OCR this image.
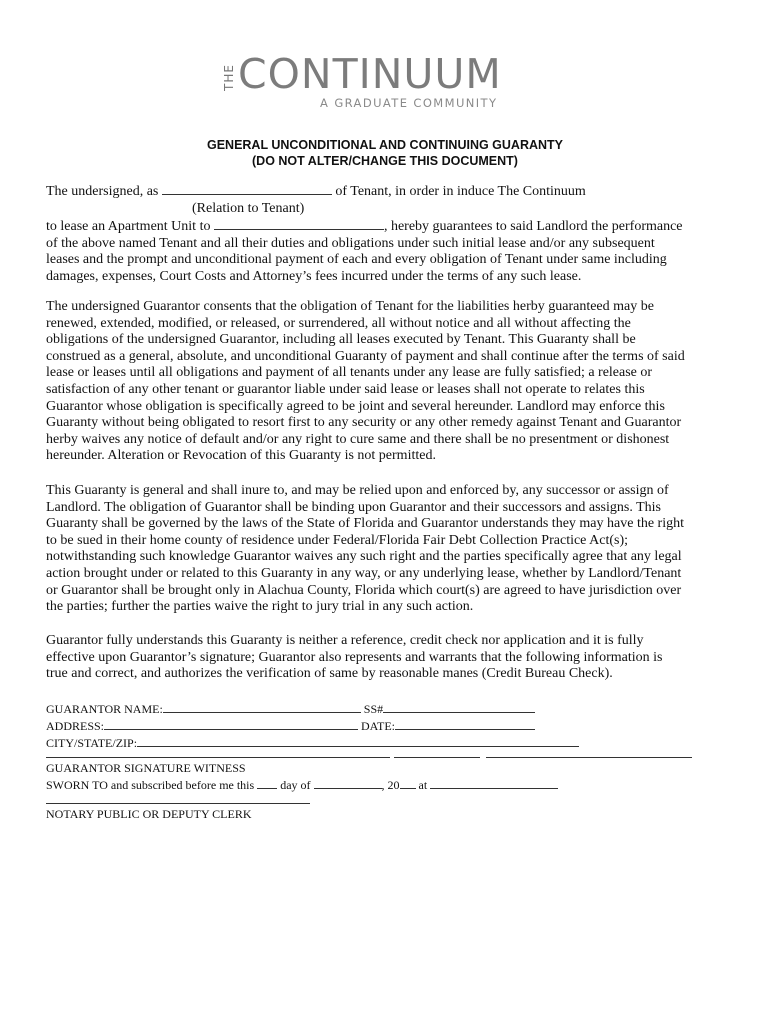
THE CONTINUUM
A GRADUATE COMMUNITY
GENERAL UNCONDITIONAL AND CONTINUING GUARANTY
(DO NOT ALTER/CHANGE THIS DOCUMENT)
The undersigned, as	of Tenant, in order in induce The Continuum
(Relation to Tenant)
to lease an Apartment Unit to	, hereby guarantees to said Landlord the performance
of the above named Tenant and all their duties and obligations under such initial lease and/or any subsequent
leases and the prompt and unconditional payment of each and every obligation of Tenant under same including
damages, expenses, Court Costs and Attorney’s fees incurred under the terms of any such lease.
The undersigned Guarantor consents that the obligation of Tenant for the liabilities herby guaranteed may be
renewed, extended, modified, or released, or surrendered, all without notice and all without affecting the
obligations of the undersigned Guarantor, including all leases executed by Tenant. This Guaranty shall be
construed as a general, absolute, and unconditional Guaranty of payment and shall continue after the terms of said
lease or leases until all obligations and payment of all tenants under any lease are fully satisfied; a release or
satisfaction of any other tenant or guarantor liable under said lease or leases shall not operate to relates this
Guarantor whose obligation is specifically agreed to be joint and several hereunder. Landlord may enforce this
Guaranty without being obligated to resort first to any security or any other remedy against Tenant and Guarantor
herby waives any notice of default and/or any right to cure same and there shall be no presentment or dishonest
hereunder. Alteration or Revocation of this Guaranty is not permitted.
This Guaranty is general and shall inure to, and may be relied upon and enforced by, any successor or assign of
Landlord. The obligation of Guarantor shall be binding upon Guarantor and their successors and assigns. This
Guaranty shall be governed by the laws of the State of Florida and Guarantor understands they may have the right
to be sued in their home county of residence under Federal/Florida Fair Debt Collection Practice Act(s);
notwithstanding such knowledge Guarantor waives any such right and the parties specifically agree that any legal
action brought under or related to this Guaranty in any way, or any underlying lease, whether by Landlord/Tenant
or Guarantor shall be brought only in Alachua County, Florida which court(s) are agreed to have jurisdiction over
the parties; further the parties waive the right to jury trial in any such action.
Guarantor fully understands this Guaranty is neither a reference, credit check nor application and it is fully
effective upon Guarantor’s signature; Guarantor also represents and warrants that the following information is
true and correct, and authorizes the verification of same by reasonable manes (Credit Bureau Check).
GUARANTOR NAME:	SS#
ADDRESS:	DATE:
CITY/STATE/ZIP:
GUARANTOR SIGNATURE WITNESS
SWORN TO and subscribed before me this day of	, 20 at
NOTARY PUBLIC OR DEPUTY CLERK
